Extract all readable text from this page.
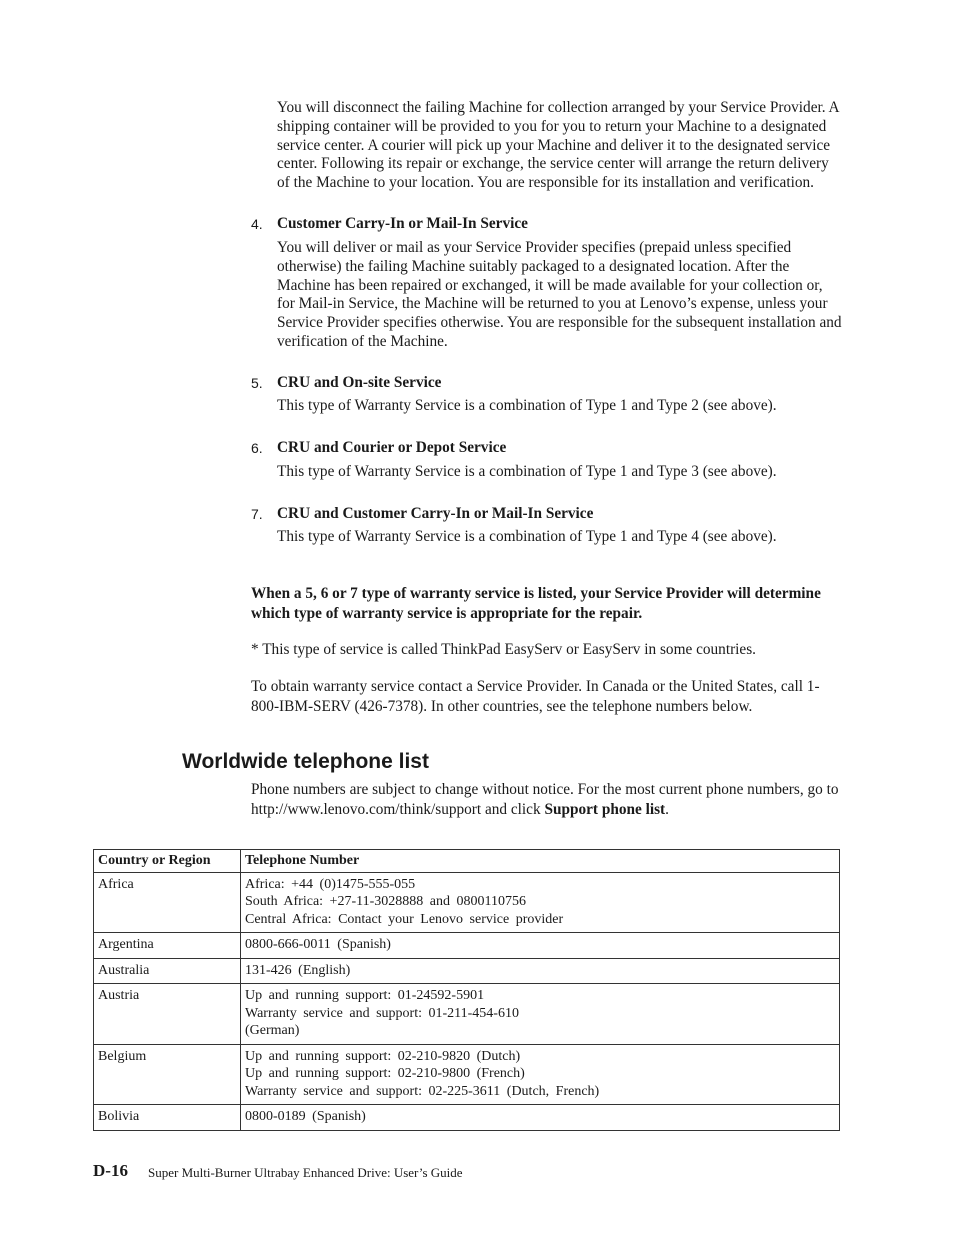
You will disconnect the failing Machine for collection arranged by your Service Provider. A shipping container will be provided to you for you to return your Machine to a designated service center. A courier will pick up your Machine and deliver it to the designated service center. Following its repair or exchange, the service center will arrange the return delivery of the Machine to your location. You are responsible for its installation and verification.

4. Customer Carry-In or Mail-In Service

You will deliver or mail as your Service Provider specifies (prepaid unless specified otherwise) the failing Machine suitably packaged to a designated location. After the Machine has been repaired or exchanged, it will be made available for your collection or, for Mail-in Service, the Machine will be returned to you at Lenovo’s expense, unless your Service Provider specifies otherwise. You are responsible for the subsequent installation and verification of the Machine.

5. CRU and On-site Service

This type of Warranty Service is a combination of Type 1 and Type 2 (see above).

6. CRU and Courier or Depot Service

This type of Warranty Service is a combination of Type 1 and Type 3 (see above).

7. CRU and Customer Carry-In or Mail-In Service

This type of Warranty Service is a combination of Type 1 and Type 4 (see above).

When a 5, 6 or 7 type of warranty service is listed, your Service Provider will determine which type of warranty service is appropriate for the repair.

* This type of service is called ThinkPad EasyServ or EasyServ in some countries.

To obtain warranty service contact a Service Provider. In Canada or the United States, call 1-800-IBM-SERV (426-7378). In other countries, see the telephone numbers below.

Worldwide telephone list

Phone numbers are subject to change without notice. For the most current phone numbers, go to http://www.lenovo.com/think/support and click Support phone list.

Country or Region	Telephone Number
Africa	Africa: +44 (0)1475-555-055
South Africa: +27-11-3028888 and 0800110756
Central Africa: Contact your Lenovo service provider

Argentina	0800-666-0011 (Spanish)

Australia	131-426 (English)

Austria	Up and running support: 01-24592-5901
Warranty service and support: 01-211-454-610
(German)

Belgium	Up and running support: 02-210-9820 (Dutch)
Up and running support: 02-210-9800 (French)
Warranty service and support: 02-225-3611 (Dutch, French)

Bolivia	0800-0189 (Spanish)
D-16 Super Multi-Burner Ultrabay Enhanced Drive: User’s Guide
